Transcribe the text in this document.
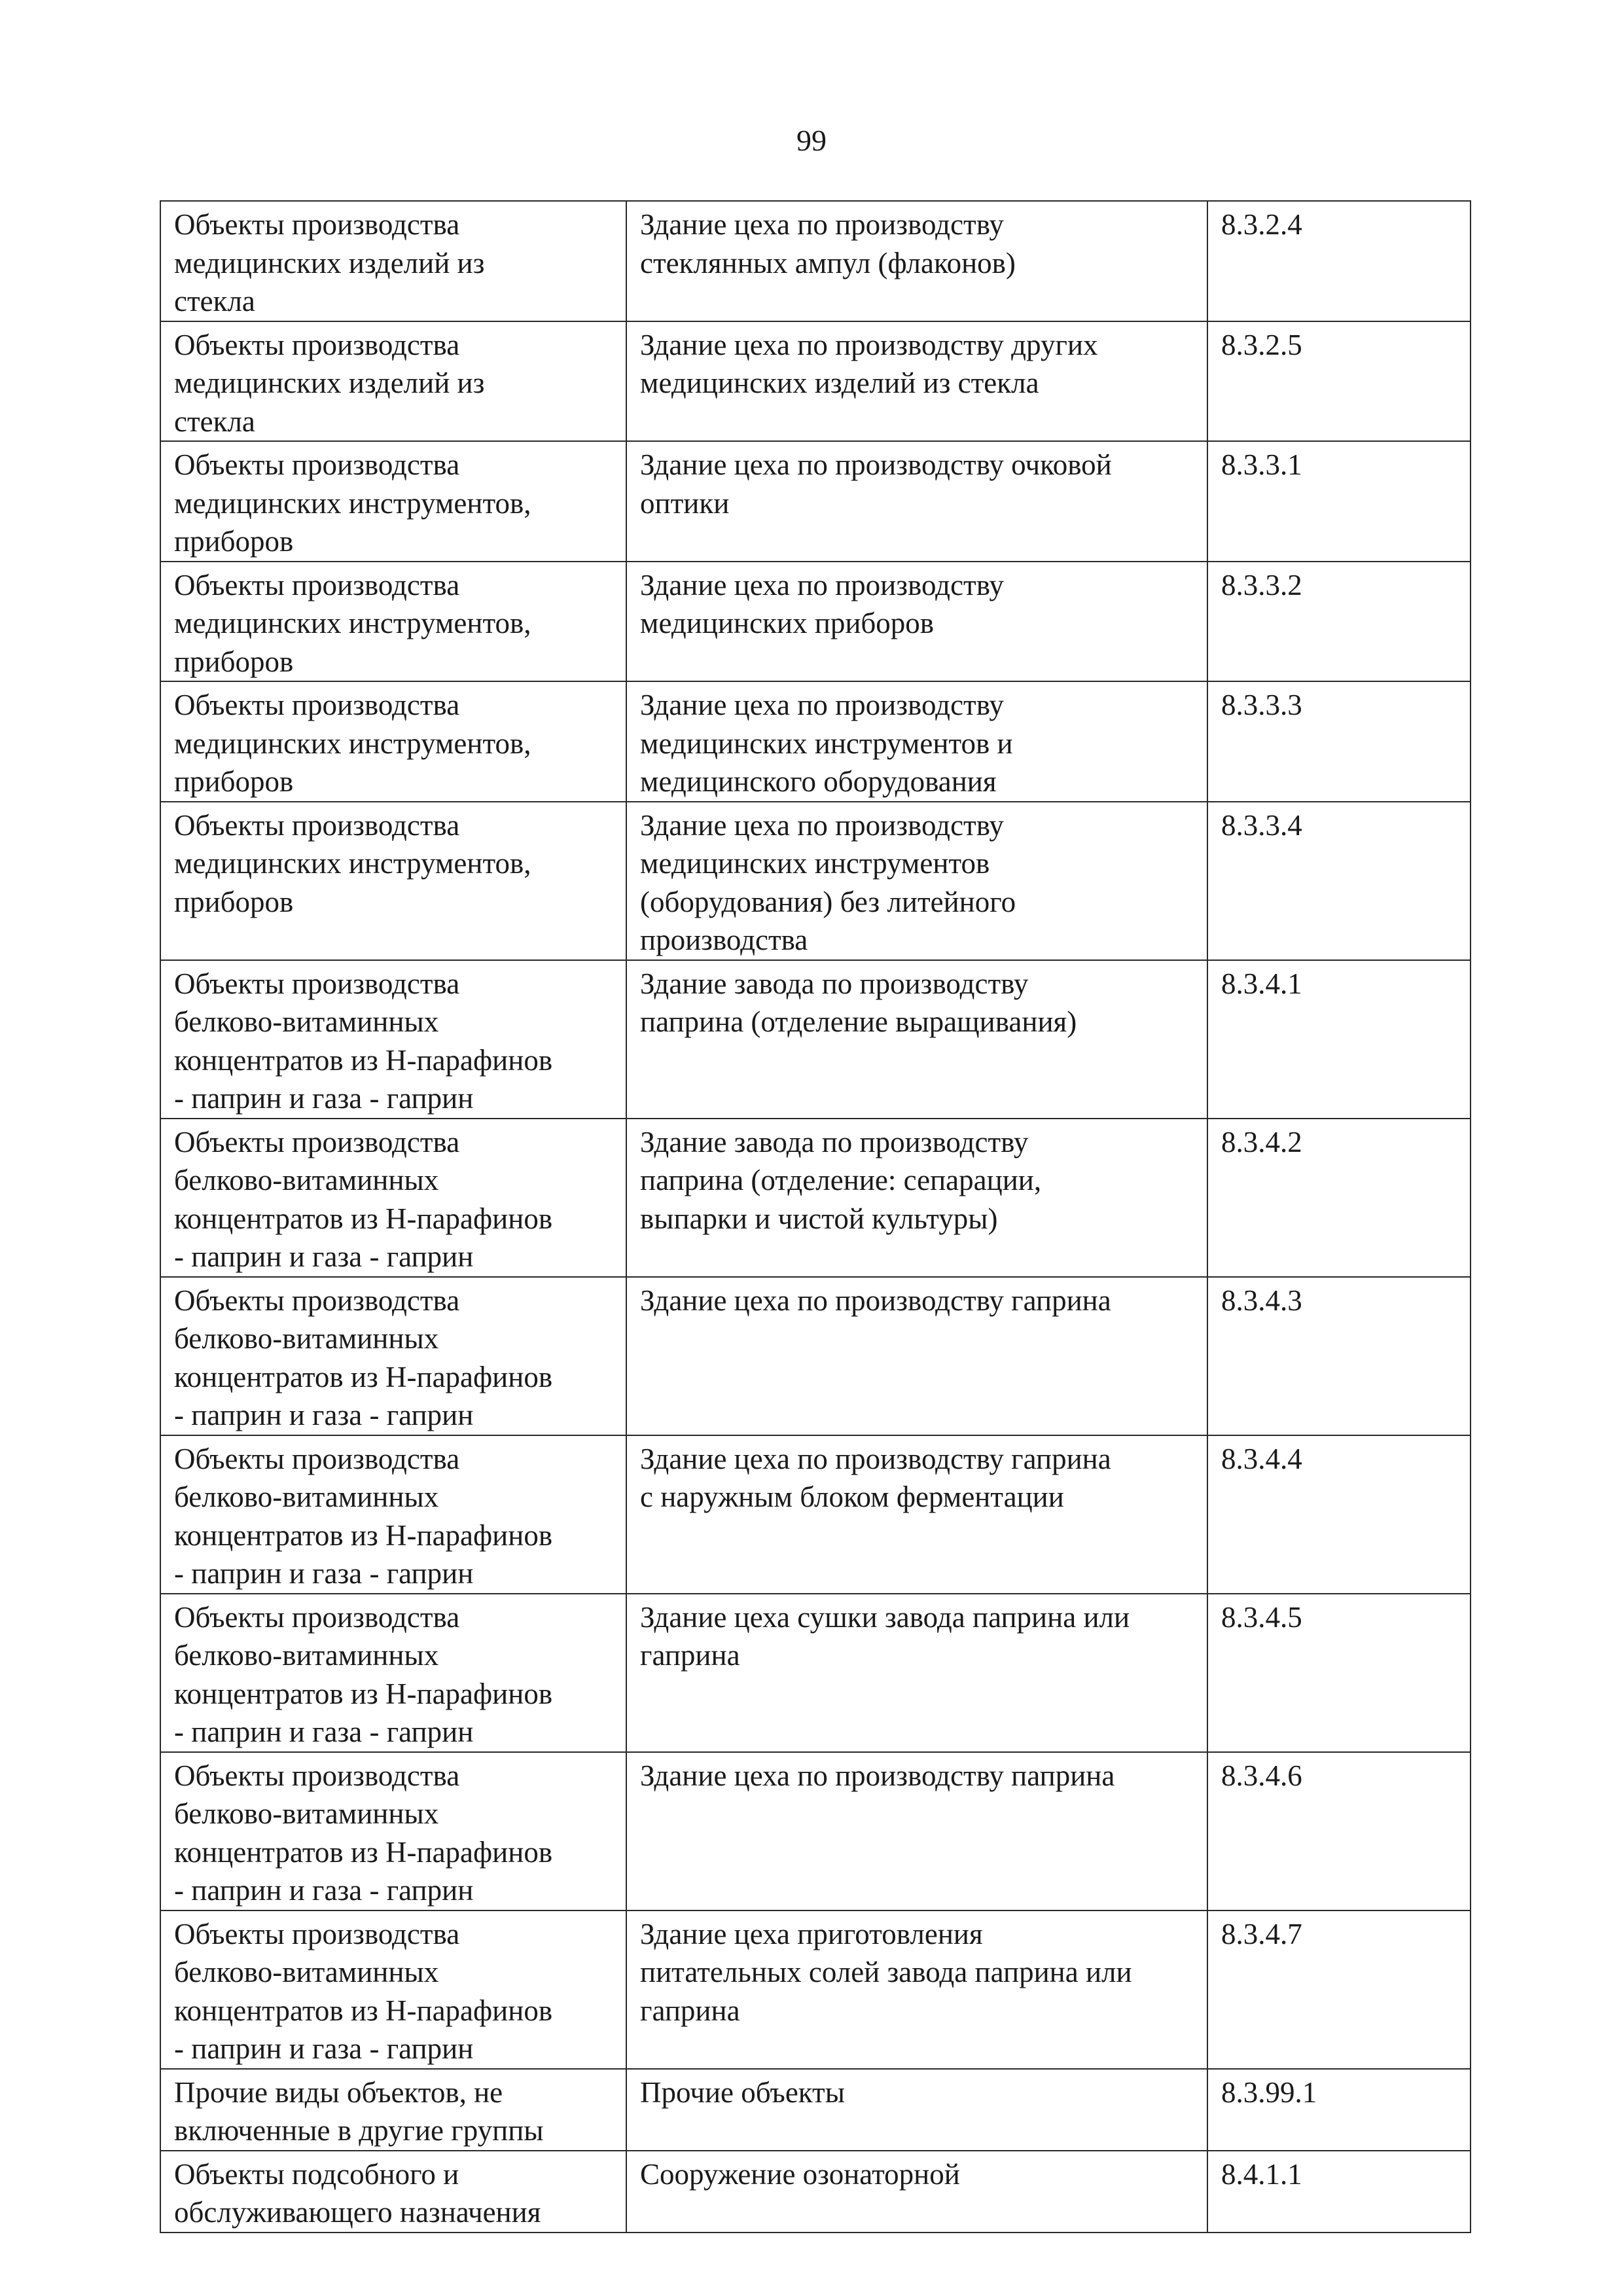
99
Объекты производства
медицинских изделий из
стекла	Здание цеха по производству
стеклянных ампул (флаконов)	8.3.2.4

Объекты производства
медицинских изделий из
стекла	Здание цеха по производству других
медицинских изделий из стекла	8.3.2.5

Объекты производства
медицинских инструментов,
приборов	Здание цеха по производству очковой
оптики	8.3.3.1

Объекты производства
медицинских инструментов,
приборов	Здание цеха по производству
медицинских приборов	8.3.3.2

Объекты производства
медицинских инструментов,
приборов	Здание цеха по производству
медицинских инструментов и
медицинского оборудования	8.3.3.3

Объекты производства
медицинских инструментов,
приборов	Здание цеха по производству
медицинских инструментов
(оборудования) без литейного
производства	8.3.3.4

Объекты производства
белково-витаминных
концентратов из Н-парафинов
- паприн и газа - гаприн	Здание завода по производству
паприна (отделение выращивания)	8.3.4.1

Объекты производства
белково-витаминных
концентратов из Н-парафинов
- паприн и газа - гаприн	Здание завода по производству
паприна (отделение: сепарации,
выпарки и чистой культуры)	8.3.4.2

Объекты производства
белково-витаминных
концентратов из Н-парафинов
- паприн и газа - гаприн	Здание цеха по производству гаприна	8.3.4.3

Объекты производства
белково-витаминных
концентратов из Н-парафинов
- паприн и газа - гаприн	Здание цеха по производству гаприна
с наружным блоком ферментации	8.3.4.4

Объекты производства
белково-витаминных
концентратов из Н-парафинов
- паприн и газа - гаприн	Здание цеха сушки завода паприна или
гаприна	8.3.4.5

Объекты производства
белково-витаминных
концентратов из Н-парафинов
- паприн и газа - гаприн	Здание цеха по производству паприна	8.3.4.6

Объекты производства
белково-витаминных
концентратов из Н-парафинов
- паприн и газа - гаприн	Здание цеха приготовления
питательных солей завода паприна или
гаприна	8.3.4.7

Прочие виды объектов, не
включенные в другие группы	Прочие объекты	8.3.99.1

Объекты подсобного и
обслуживающего назначения	Сооружение озонаторной	8.4.1.1
